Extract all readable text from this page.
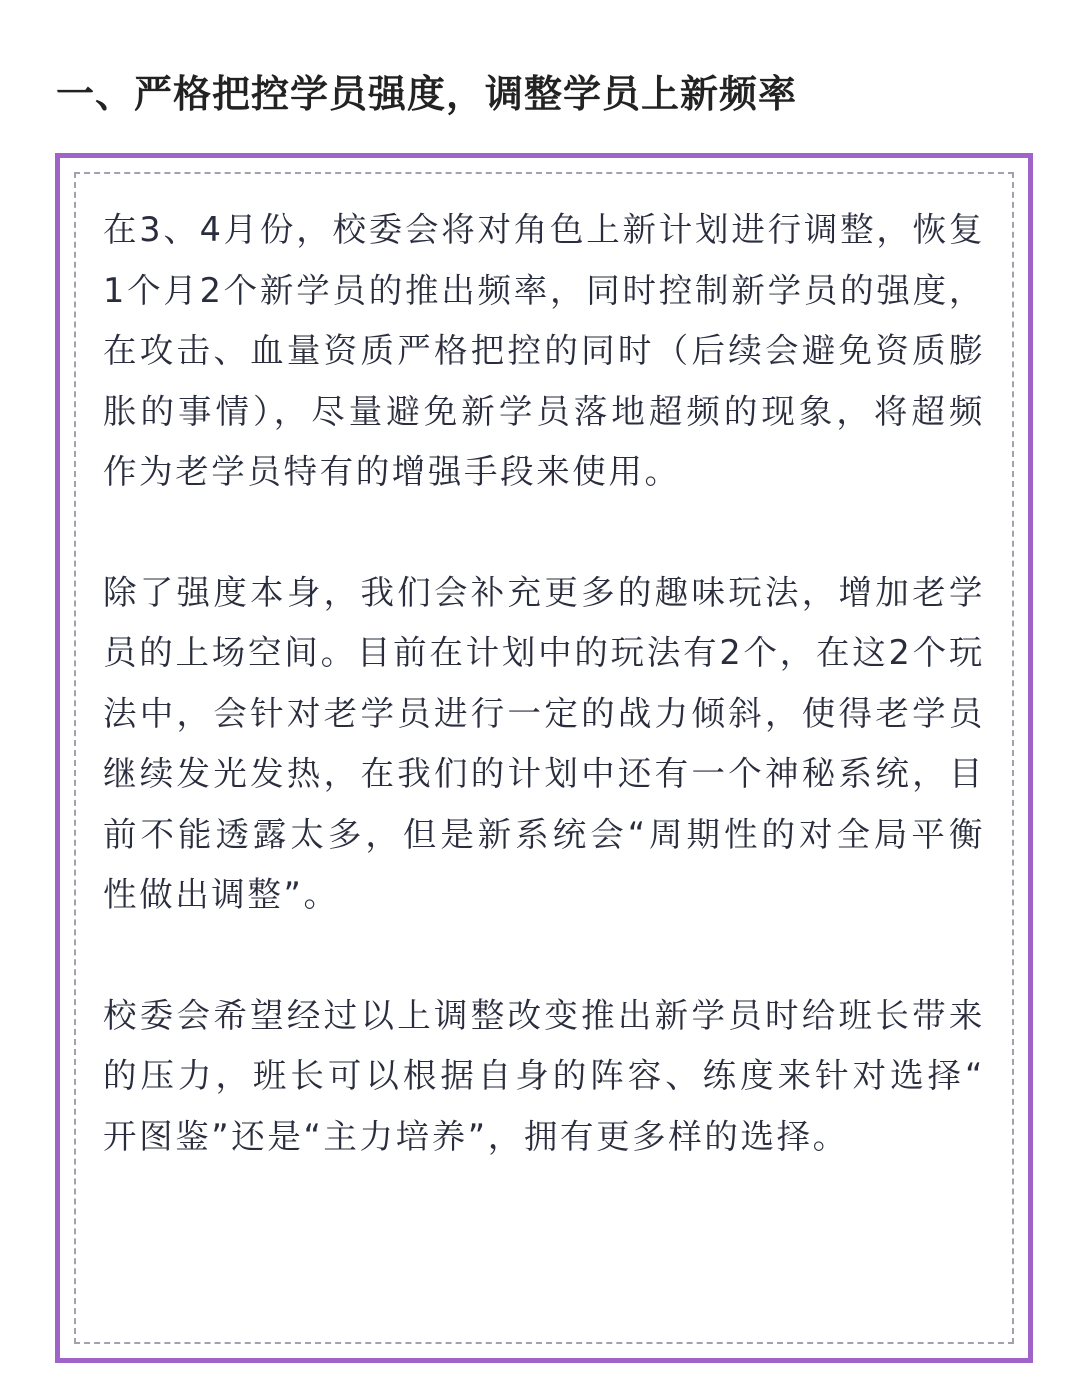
一、严格把控学员强度，调整学员上新频率

在3、4月份，校委会将对角色上新计划进行调整，恢复1个月2个新学员的推出频率，同时控制新学员的强度，在攻击、血量资质严格把控的同时（后续会避免资质膨胀的事情），尽量避免新学员落地超频的现象，将超频作为老学员特有的增强手段来使用。

除了强度本身，我们会补充更多的趣味玩法，增加老学员的上场空间。目前在计划中的玩法有2个，在这2个玩法中，会针对老学员进行一定的战力倾斜，使得老学员继续发光发热，在我们的计划中还有一个神秘系统，目前不能透露太多，但是新系统会“周期性的对全局平衡性做出调整”。

校委会希望经过以上调整改变推出新学员时给班长带来的压力，班长可以根据自身的阵容、练度来针对选择“开图鉴”还是“主力培养”，拥有更多样的选择。
